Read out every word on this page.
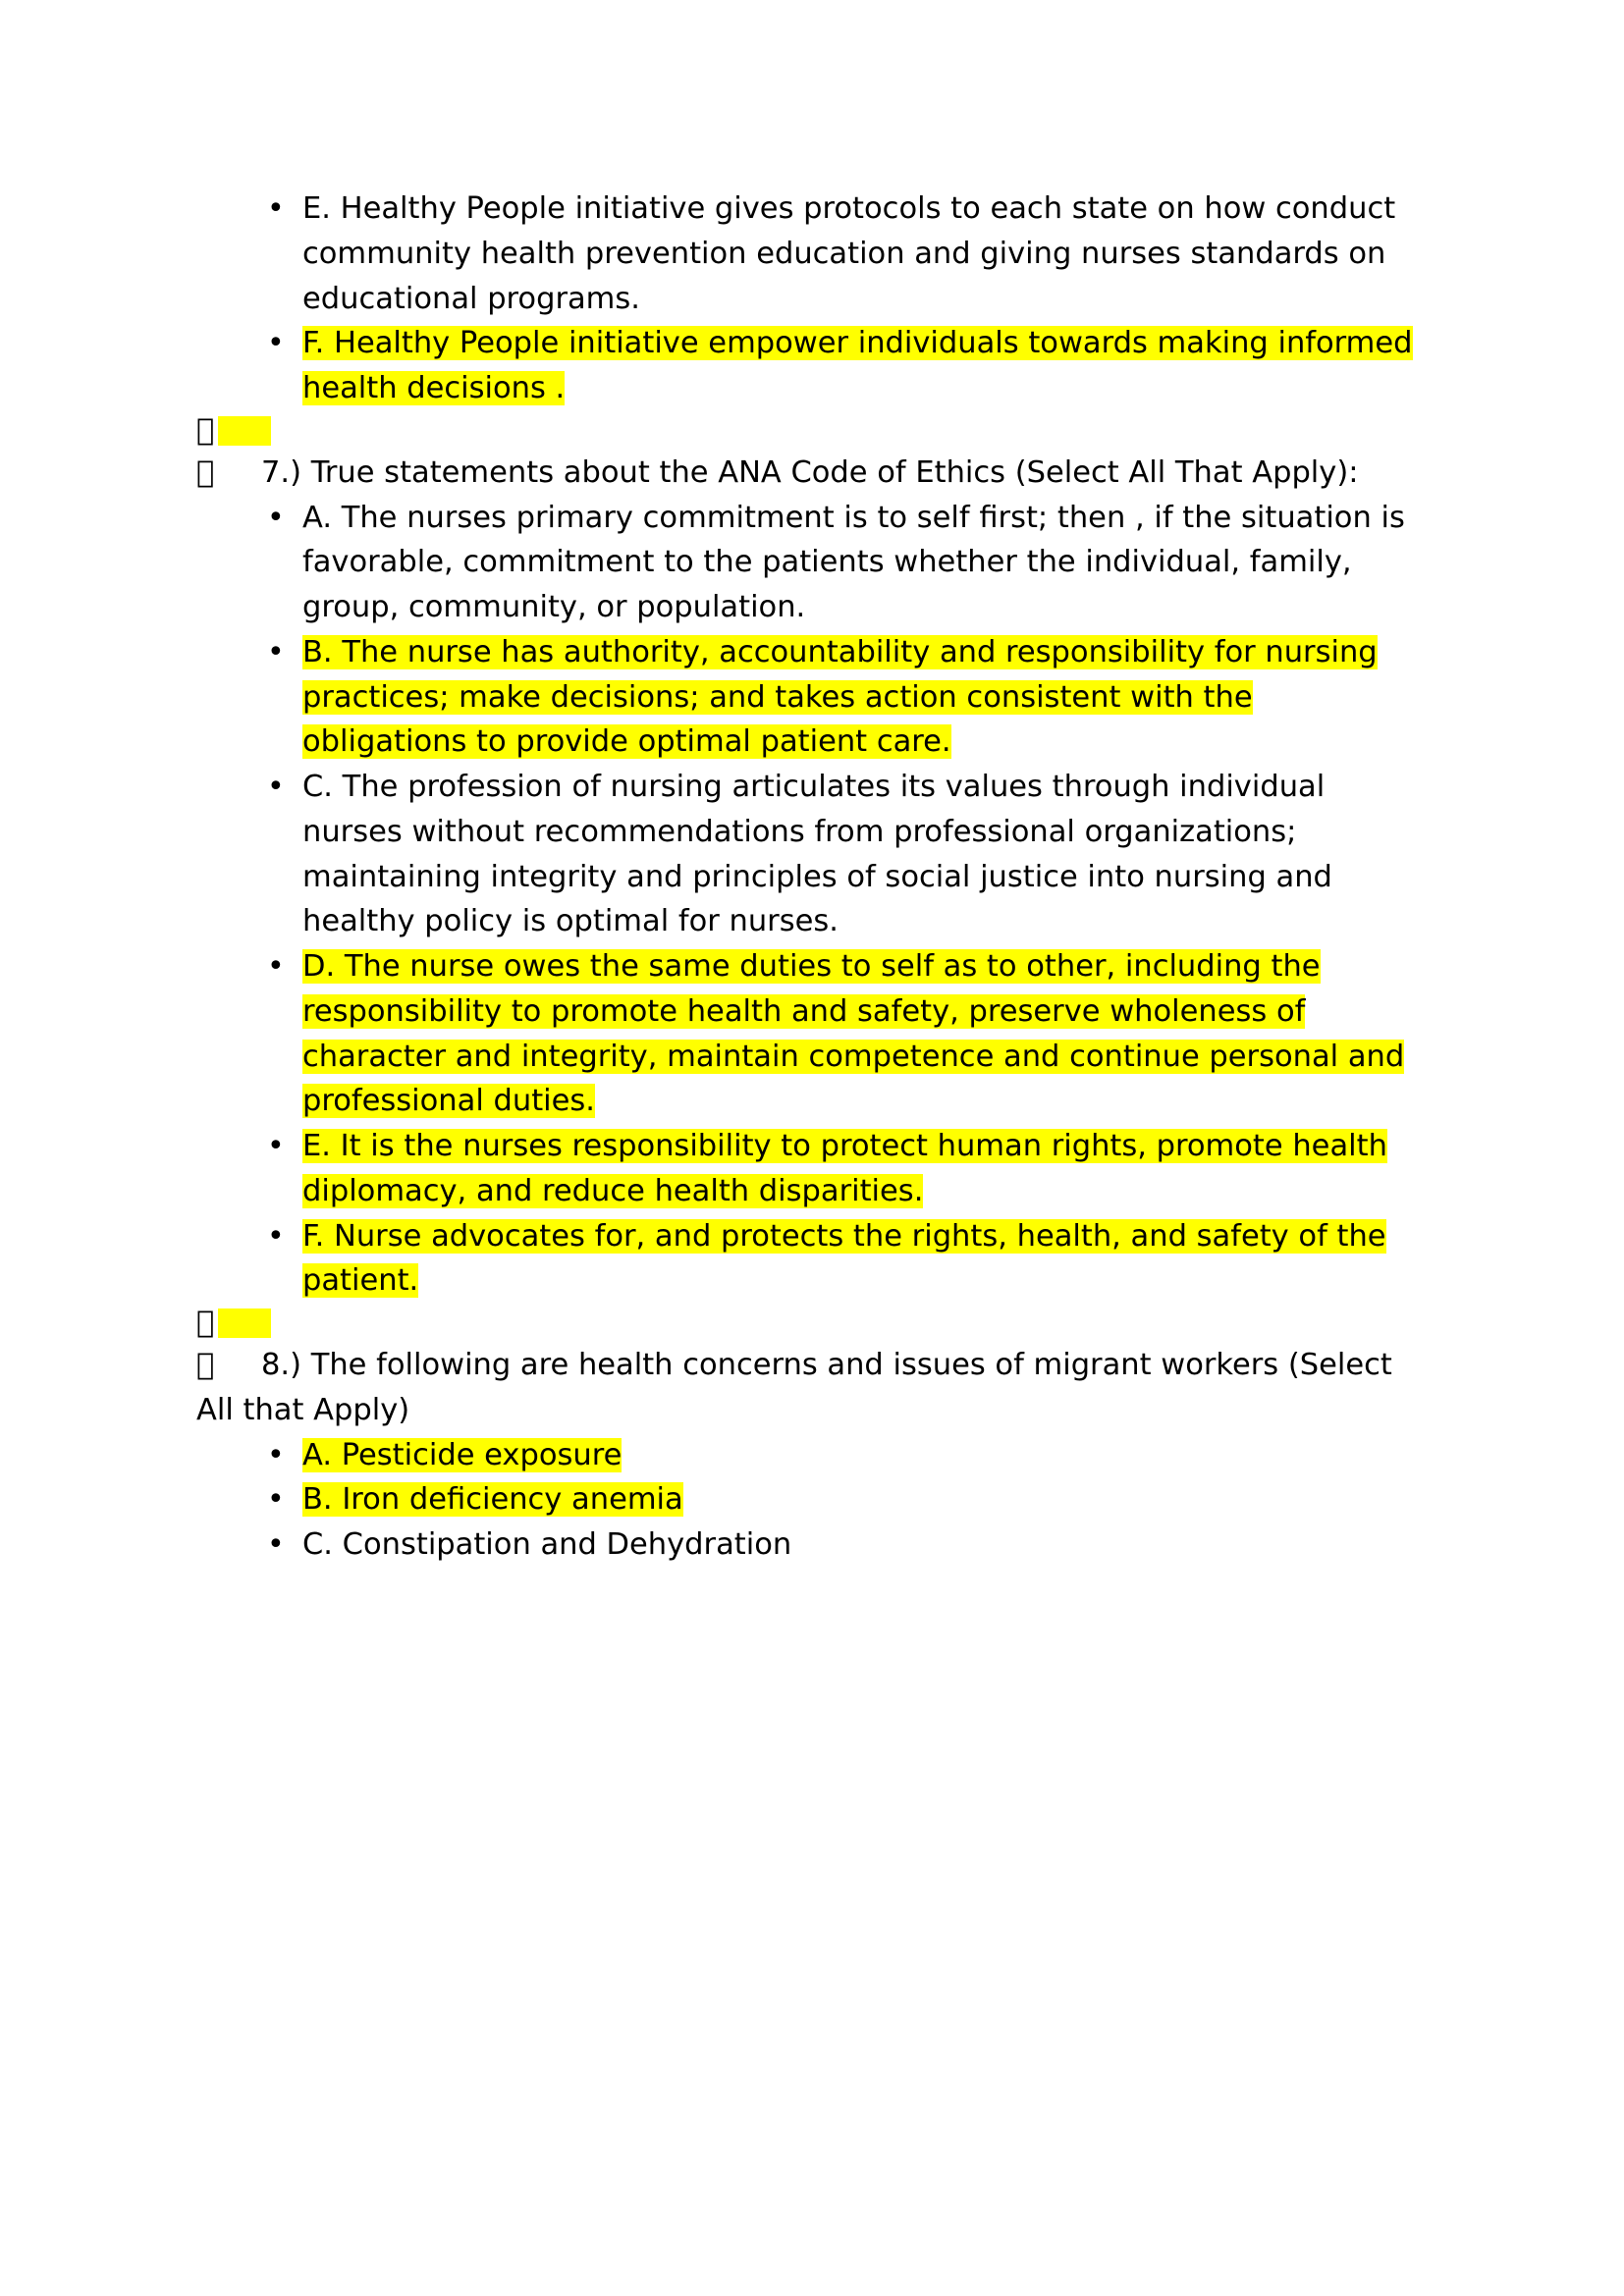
• E. Healthy People initiative gives protocols to each state on how conduct community health prevention education and giving nurses standards on educational programs.
• F. Healthy People initiative empower individuals towards making informed health decisions .
7.) True statements about the ANA Code of Ethics (Select All That Apply):
• A. The nurses primary commitment is to self first; then , if the situation is favorable, commitment to the patients whether the individual, family, group, community, or population.
• B. The nurse has authority, accountability and responsibility for nursing practices; make decisions; and takes action consistent with the obligations to provide optimal patient care.
• C. The profession of nursing articulates its values through individual nurses without recommendations from professional organizations; maintaining integrity and principles of social justice into nursing and healthy policy is optimal for nurses.
• D. The nurse owes the same duties to self as to other, including the responsibility to promote health and safety, preserve wholeness of character and integrity, maintain competence and continue personal and professional duties.
• E. It is the nurses responsibility to protect human rights, promote health diplomacy, and reduce health disparities.
• F. Nurse advocates for, and protects the rights, health, and safety of the patient.
8.) The following are health concerns and issues of migrant workers (Select All that Apply)
• A. Pesticide exposure
• B. Iron deficiency anemia
• C. Constipation and Dehydration
